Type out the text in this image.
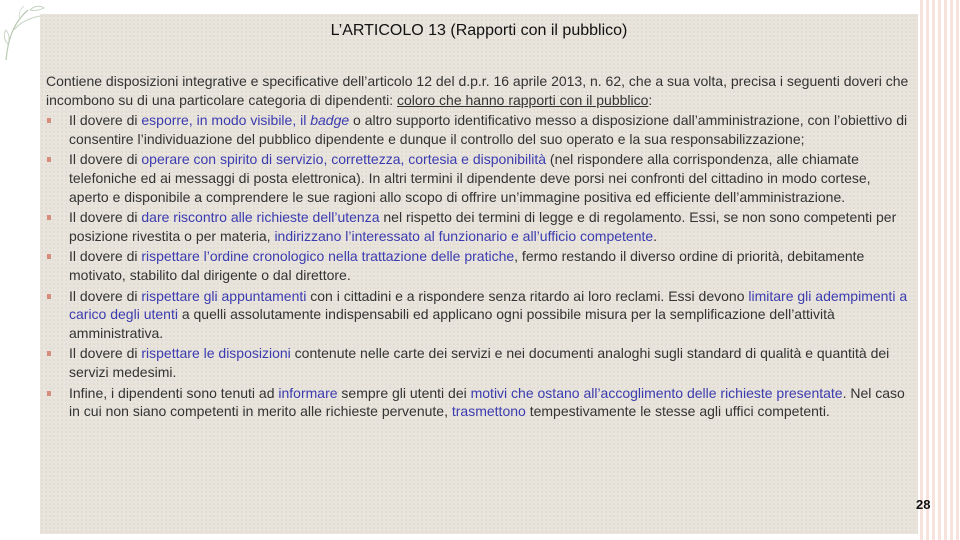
L’ARTICOLO 13 (Rapporti con il pubblico)

Contiene disposizioni integrative e specificative dell’articolo 12 del d.p.r. 16 aprile 2013, n. 62, che a sua volta, precisa i seguenti doveri che incombono su di una particolare categoria di dipendenti: coloro che hanno rapporti con il pubblico:

Il dovere di esporre, in modo visibile, il badge o altro supporto identificativo messo a disposizione dall’amministrazione, con l’obiettivo di consentire l’individuazione del pubblico dipendente e dunque il controllo del suo operato e la sua responsabilizzazione;
Il dovere di operare con spirito di servizio, correttezza, cortesia e disponibilità (nel rispondere alla corrispondenza, alle chiamate telefoniche ed ai messaggi di posta elettronica). In altri termini il dipendente deve porsi nei confronti del cittadino in modo cortese, aperto e disponibile a comprendere le sue ragioni allo scopo di offrire un’immagine positiva ed efficiente dell’amministrazione.
Il dovere di dare riscontro alle richieste dell’utenza nel rispetto dei termini di legge e di regolamento. Essi, se non sono competenti per posizione rivestita o per materia, indirizzano l’interessato al funzionario e all’ufficio competente.
Il dovere di rispettare l’ordine cronologico nella trattazione delle pratiche, fermo restando il diverso ordine di priorità, debitamente motivato, stabilito dal dirigente o dal direttore.
Il dovere di rispettare gli appuntamenti con i cittadini e a rispondere senza ritardo ai loro reclami. Essi devono limitare gli adempimenti a carico degli utenti a quelli assolutamente indispensabili ed applicano ogni possibile misura per la semplificazione dell’attività amministrativa.
Il dovere di rispettare le disposizioni contenute nelle carte dei servizi e nei documenti analoghi sugli standard di qualità e quantità dei servizi medesimi.
Infine, i dipendenti sono tenuti ad informare sempre gli utenti dei motivi che ostano all’accoglimento delle richieste presentate. Nel caso in cui non siano competenti in merito alle richieste pervenute, trasmettono tempestivamente le stesse agli uffici competenti.
28
